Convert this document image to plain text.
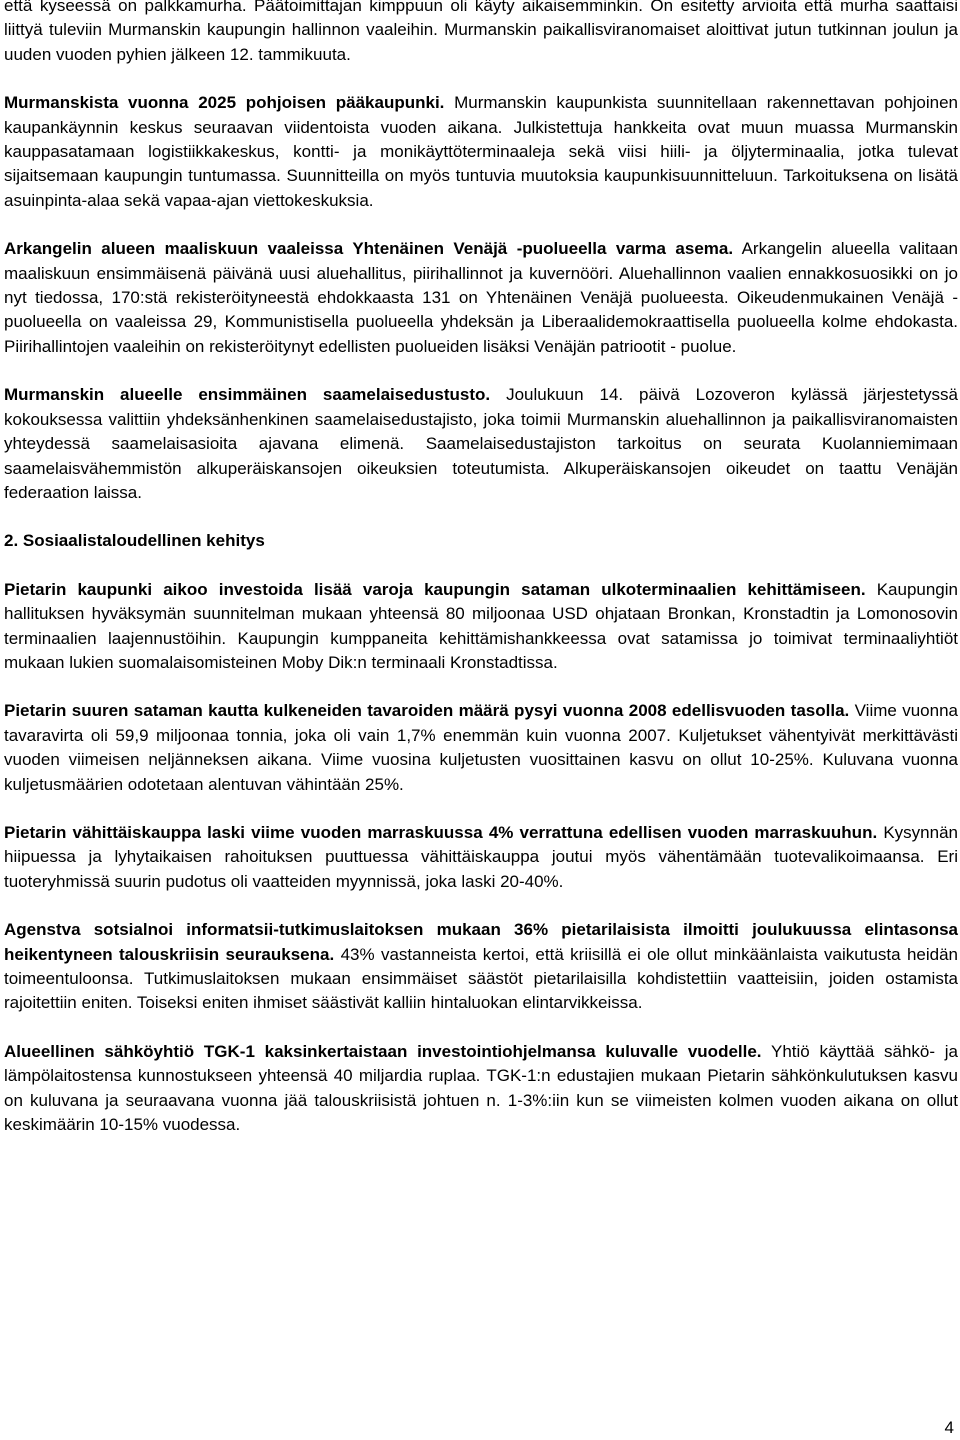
että kyseessä on palkkamurha. Päätoimittajan kimppuun oli käyty aikaisemminkin. On esitetty arvioita että murha saattaisi liittyä tuleviin Murmanskin kaupungin hallinnon vaaleihin. Murmanskin paikallisviranomaiset aloittivat jutun tutkinnan joulun ja uuden vuoden pyhien jälkeen 12. tammikuuta.

Murmanskista vuonna 2025 pohjoisen pääkaupunki. Murmanskin kaupunkista suunnitellaan rakennettavan pohjoinen kaupankäynnin keskus seuraavan viidentoista vuoden aikana. Julkistettuja hankkeita ovat muun muassa Murmanskin kauppasatamaan logistiikkakeskus, kontti- ja monikäyttöterminaaleja sekä viisi hiili- ja öljyterminaalia, jotka tulevat sijaitsemaan kaupungin tuntumassa. Suunnitteilla on myös tuntuvia muutoksia kaupunkisuunnitteluun. Tarkoituksena on lisätä asuinpinta-alaa sekä vapaa-ajan viettokeskuksia.

Arkangelin alueen maaliskuun vaaleissa Yhtenäinen Venäjä -puolueella varma asema. Arkangelin alueella valitaan maaliskuun ensimmäisenä päivänä uusi aluehallitus, piirihallinnot ja kuvernööri. Aluehallinnon vaalien ennakkosuosikki on jo nyt tiedossa, 170:stä rekisteröityneestä ehdokkaasta 131 on Yhtenäinen Venäjä puolueesta. Oikeudenmukainen Venäjä -puolueella on vaaleissa 29, Kommunistisella puolueella yhdeksän ja Liberaalidemokraattisella puolueella kolme ehdokasta. Piirihallintojen vaaleihin on rekisteröitynyt edellisten puolueiden lisäksi Venäjän patriootit - puolue.

Murmanskin alueelle ensimmäinen saamelaisedustusto. Joulukuun 14. päivä Lozoveron kylässä järjestetyssä kokouksessa valittiin yhdeksänhenkinen saamelaisedustajisto, joka toimii Murmanskin aluehallinnon ja paikallisviranomaisten yhteydessä saamelaisasioita ajavana elimenä. Saamelaisedustajiston tarkoitus on seurata Kuolanniemimaan saamelaisvähemmistön alkuperäiskansojen oikeuksien toteutumista. Alkuperäiskansojen oikeudet on taattu Venäjän federaation laissa.

2. Sosiaalistaloudellinen kehitys

Pietarin kaupunki aikoo investoida lisää varoja kaupungin sataman ulkoterminaalien kehittämiseen. Kaupungin hallituksen hyväksymän suunnitelman mukaan yhteensä 80 miljoonaa USD ohjataan Bronkan, Kronstadtin ja Lomonosovin terminaalien laajennustöihin. Kaupungin kumppaneita kehittämishankkeessa ovat satamissa jo toimivat terminaaliyhtiöt mukaan lukien suomalaisomisteinen Moby Dik:n terminaali Kronstadtissa.

Pietarin suuren sataman kautta kulkeneiden tavaroiden määrä pysyi vuonna 2008 edellisvuoden tasolla. Viime vuonna tavaravirta oli 59,9 miljoonaa tonnia, joka oli vain 1,7% enemmän kuin vuonna 2007. Kuljetukset vähentyivät merkittävästi vuoden viimeisen neljänneksen aikana. Viime vuosina kuljetusten vuosittainen kasvu on ollut 10-25%. Kuluvana vuonna kuljetusmäärien odotetaan alentuvan vähintään 25%.

Pietarin vähittäiskauppa laski viime vuoden marraskuussa 4% verrattuna edellisen vuoden marraskuuhun. Kysynnän hiipuessa ja lyhytaikaisen rahoituksen puuttuessa vähittäiskauppa joutui myös vähentämään tuotevalikoimaansa. Eri tuoteryhmissä suurin pudotus oli vaatteiden myynnissä, joka laski 20-40%.

Agenstva sotsialnoi informatsii-tutkimuslaitoksen mukaan 36% pietarilaisista ilmoitti joulukuussa elintasonsa heikentyneen talouskriisin seurauksena. 43% vastanneista kertoi, että kriisillä ei ole ollut minkäänlaista vaikutusta heidän toimeentuloonsa. Tutkimuslaitoksen mukaan ensimmäiset säästöt pietarilaisilla kohdistettiin vaatteisiin, joiden ostamista rajoitettiin eniten. Toiseksi eniten ihmiset säästivät kalliin hintaluokan elintarvikkeissa.

Alueellinen sähköyhtiö TGK-1 kaksinkertaistaan investointiohjelmansa kuluvalle vuodelle. Yhtiö käyttää sähkö- ja lämpölaitostensa kunnostukseen yhteensä 40 miljardia ruplaa. TGK-1:n edustajien mukaan Pietarin sähkönkulutuksen kasvu on kuluvana ja seuraavana vuonna jää talouskriisistä johtuen n. 1-3%:iin kun se viimeisten kolmen vuoden aikana on ollut keskimäärin 10-15% vuodessa.

4
